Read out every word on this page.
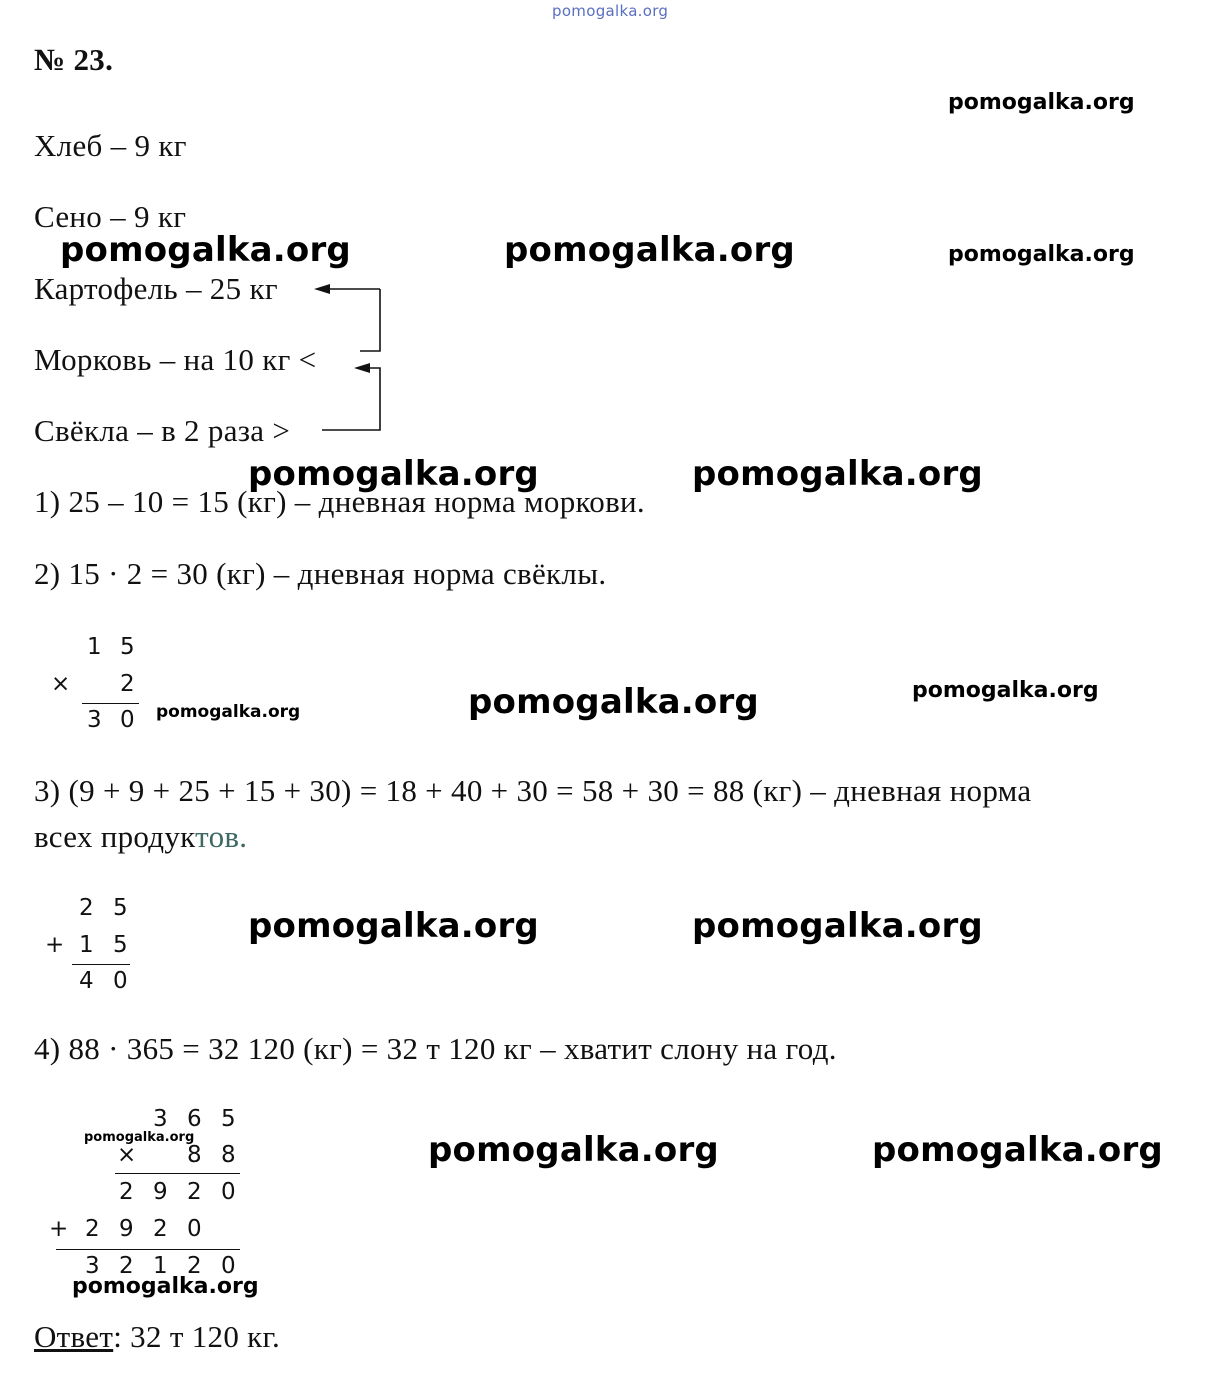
pomogalka.org
№ 23.
Хлеб – 9 кг
Сено – 9 кг
Картофель – 25 кг
Морковь – на 10 кг <
Свёкла – в 2 раза >
1) 25 – 10 = 15 (кг) – дневная норма моркови.
2) 15 · 2 = 30 (кг) – дневная норма свёклы.
1 5
× 2
3 0
3) (9 + 9 + 25 + 15 + 30) = 18 + 40 + 30 = 58 + 30 = 88 (кг) – дневная норма
всех продуктов.
2 5
+ 1 5
4 0
4) 88 · 365 = 32 120 (кг) = 32 т 120 кг – хватит слону на год.
3 6 5
× 8 8
2 9 2 0
+ 2 9 2 0
3 2 1 2 0
Ответ: 32 т 120 кг.
pomogalka.org
pomogalka.org	pomogalka.org	pomogalka.org
pomogalka.org	pomogalka.org
pomogalka.org	pomogalka.org	pomogalka.org
pomogalka.org	pomogalka.org
pomogalka.org	pomogalka.org	pomogalka.org
pomogalka.org
